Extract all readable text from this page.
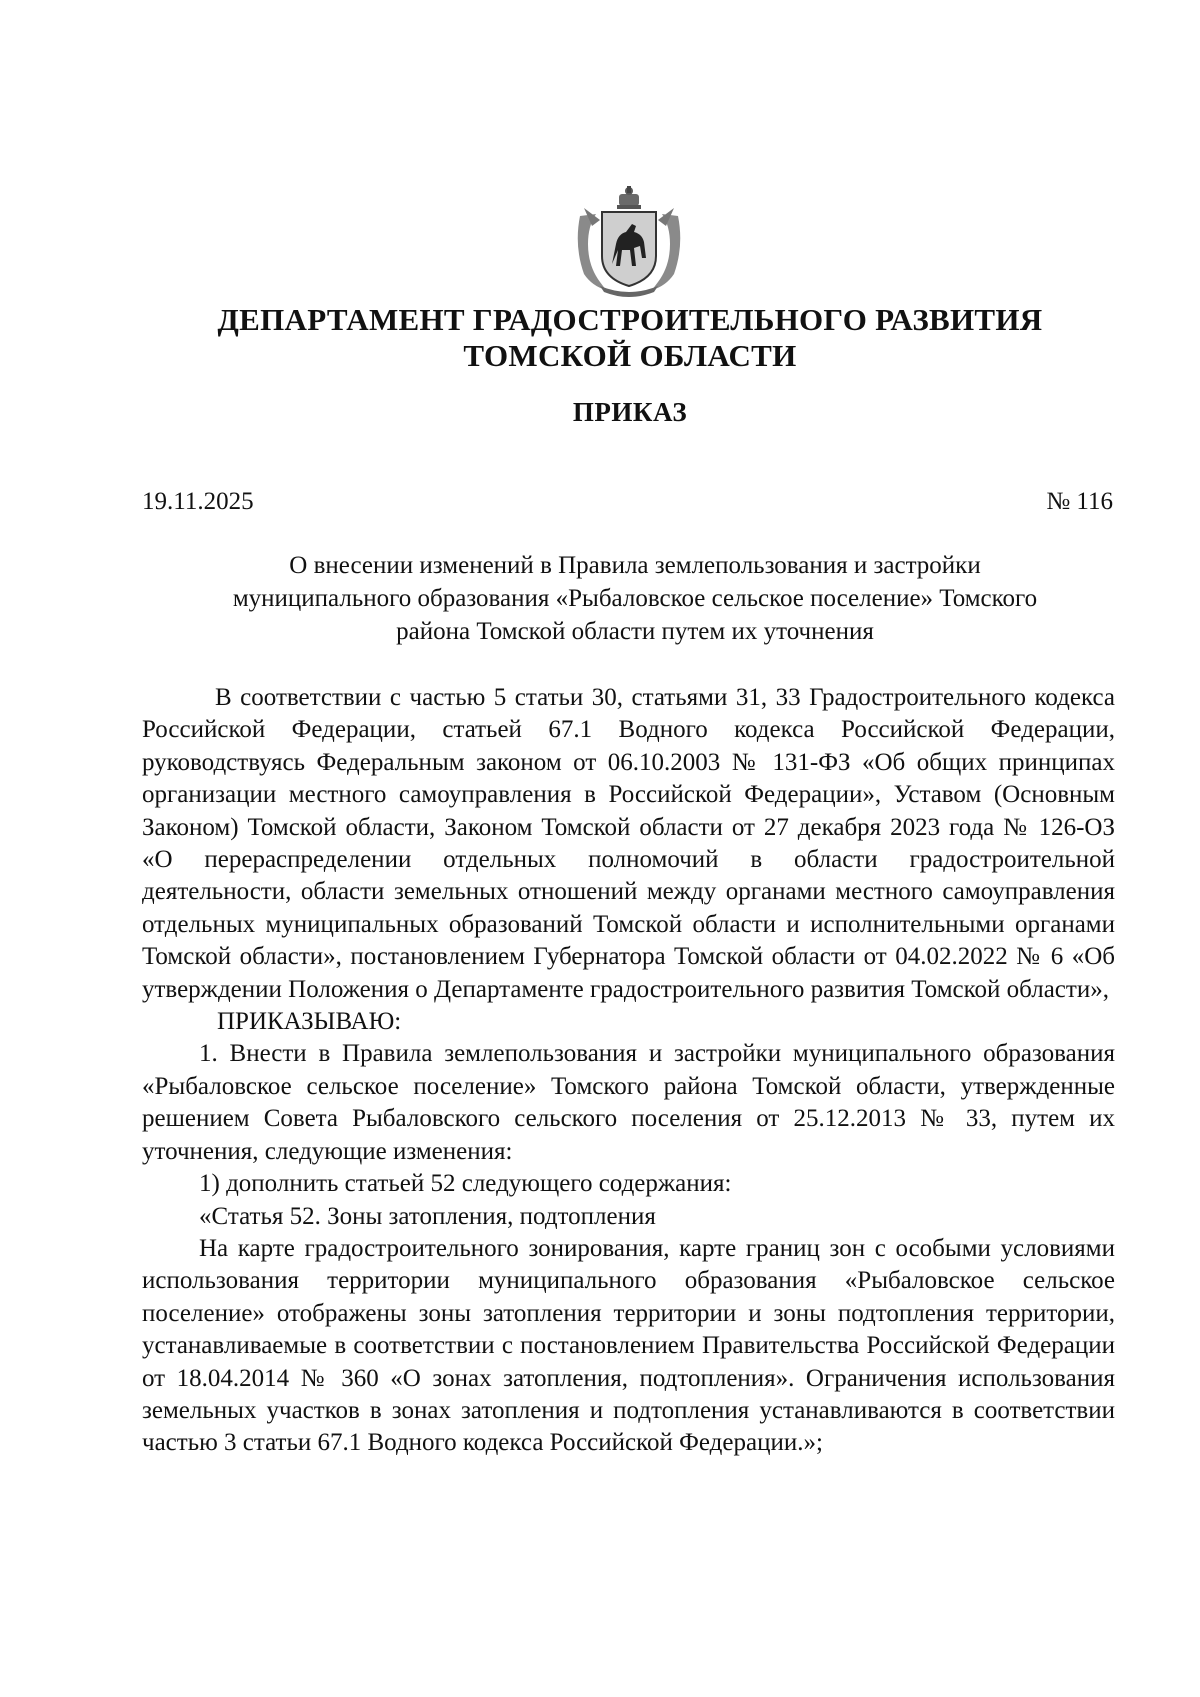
ДЕПАРТАМЕНТ ГРАДОСТРОИТЕЛЬНОГО РАЗВИТИЯ
ТОМСКОЙ ОБЛАСТИ
ПРИКАЗ
19.11.2025	№ 116
О внесении изменений в Правила землепользования и застройки
муниципального образования «Рыбаловское сельское поселение» Томского
района Томской области путем их уточнения

В соответствии с частью 5 статьи 30, статьями 31, 33 Градостроительного кодекса Российской Федерации, статьей 67.1 Водного кодекса Российской Федерации, руководствуясь Федеральным законом от 06.10.2003 № 131-ФЗ «Об общих принципах организации местного самоуправления в Российской Федерации», Уставом (Основным Законом) Томской области, Законом Томской области от 27 декабря 2023 года № 126-ОЗ «О перераспределении отдельных полномочий в области градостроительной деятельности, области земельных отношений между органами местного самоуправления отдельных муниципальных образований Томской области и исполнительными органами Томской области», постановлением Губернатора Томской области от 04.02.2022 № 6 «Об утверждении Положения о Департаменте градостроительного развития Томской области»,

ПРИКАЗЫВАЮ:

1. Внести в Правила землепользования и застройки муниципального образования «Рыбаловское сельское поселение» Томского района Томской области, утвержденные решением Совета Рыбаловского сельского поселения от 25.12.2013 № 33, путем их уточнения, следующие изменения:

1) дополнить статьей 52 следующего содержания:

«Статья 52. Зоны затопления, подтопления

На карте градостроительного зонирования, карте границ зон с особыми условиями использования территории муниципального образования «Рыбаловское сельское поселение» отображены зоны затопления территории и зоны подтопления территории, устанавливаемые в соответствии с постановлением Правительства Российской Федерации от 18.04.2014 № 360 «О зонах затопления, подтопления». Ограничения использования земельных участков в зонах затопления и подтопления устанавливаются в соответствии частью 3 статьи 67.1 Водного кодекса Российской Федерации.»;
